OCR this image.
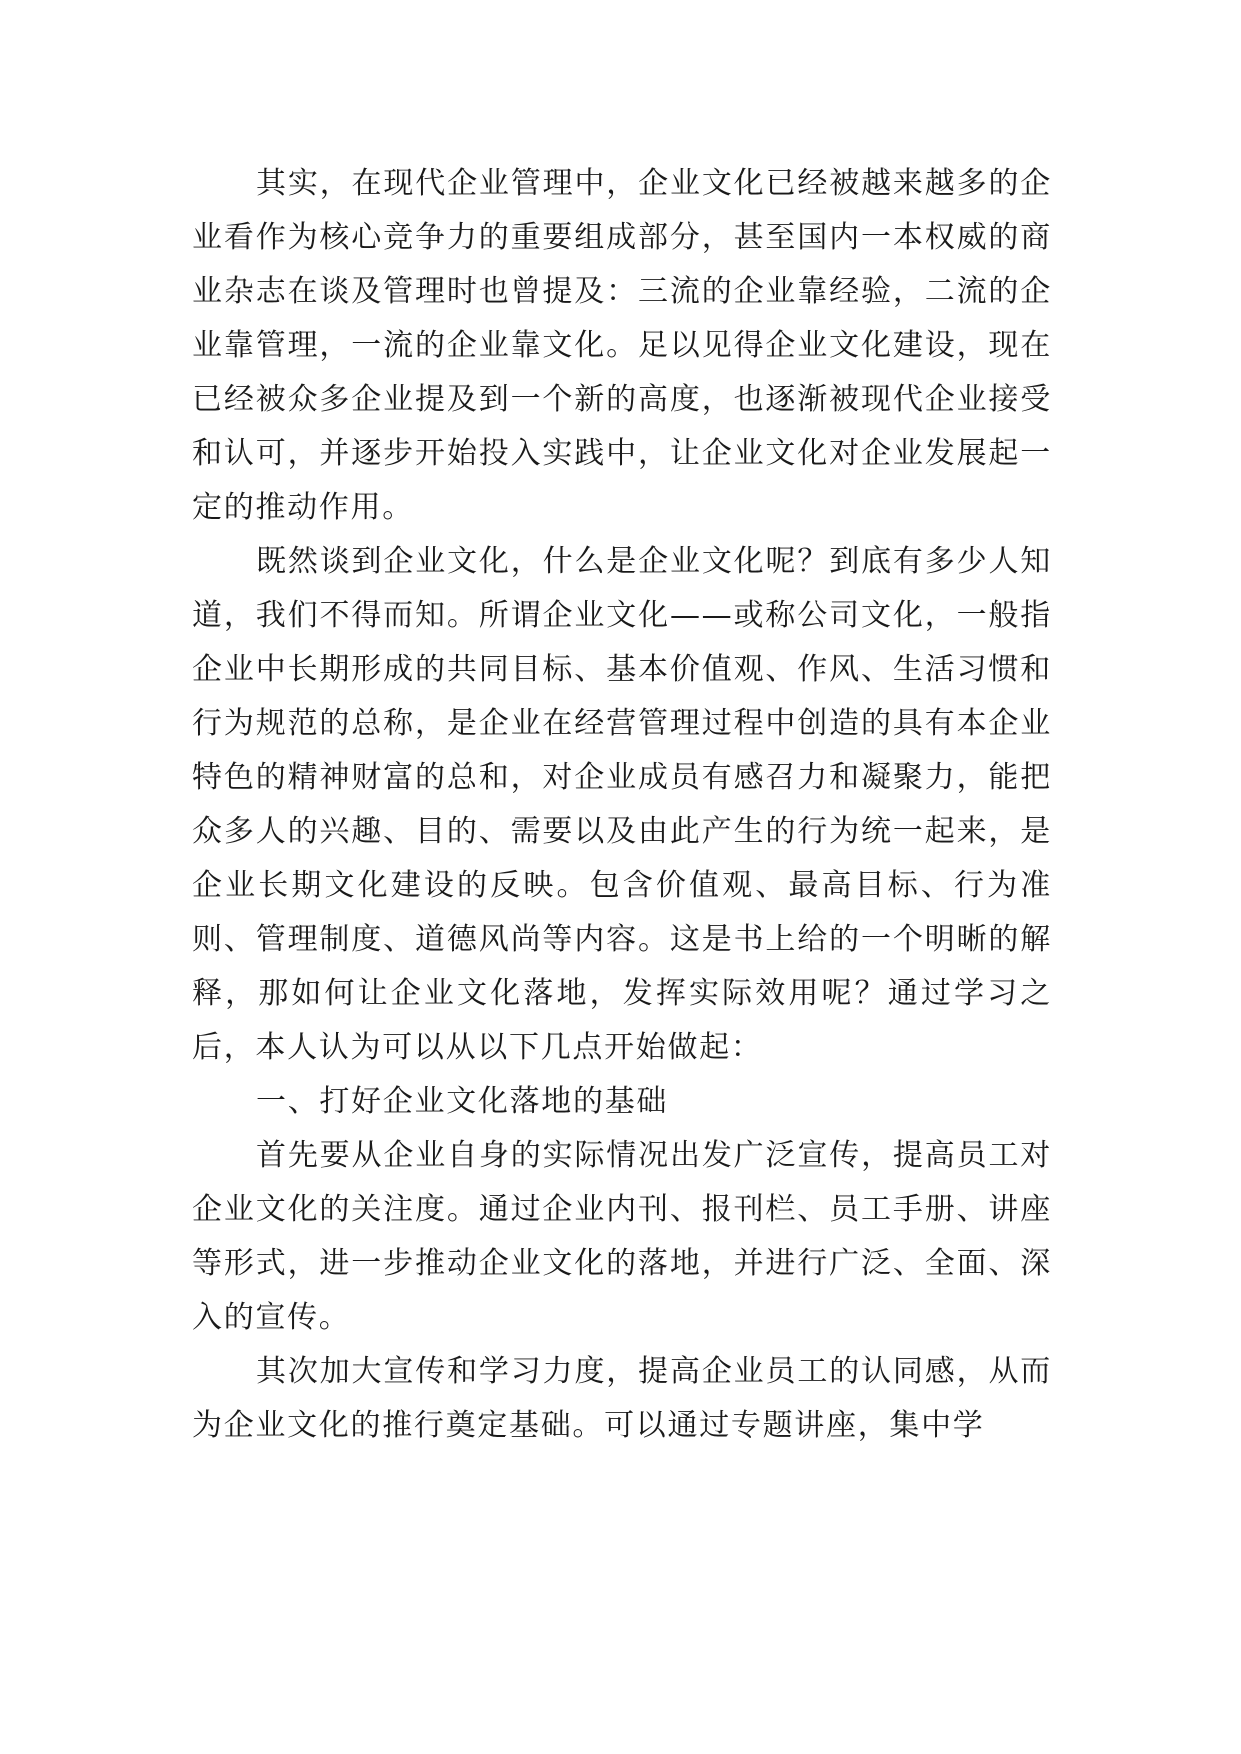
其实，在现代企业管理中，企业文化已经被越来越多的企业看作为核心竞争力的重要组成部分，甚至国内一本权威的商业杂志在谈及管理时也曾提及：三流的企业靠经验，二流的企业靠管理，一流的企业靠文化。足以见得企业文化建设，现在已经被众多企业提及到一个新的高度，也逐渐被现代企业接受和认可，并逐步开始投入实践中，让企业文化对企业发展起一定的推动作用。

既然谈到企业文化，什么是企业文化呢？到底有多少人知道，我们不得而知。所谓企业文化——或称公司文化，一般指企业中长期形成的共同目标、基本价值观、作风、生活习惯和行为规范的总称，是企业在经营管理过程中创造的具有本企业特色的精神财富的总和，对企业成员有感召力和凝聚力，能把众多人的兴趣、目的、需要以及由此产生的行为统一起来，是企业长期文化建设的反映。包含价值观、最高目标、行为准则、管理制度、道德风尚等内容。这是书上给的一个明晰的解释，那如何让企业文化落地，发挥实际效用呢？通过学习之后，本人认为可以从以下几点开始做起：

一、打好企业文化落地的基础

首先要从企业自身的实际情况出发广泛宣传，提高员工对企业文化的关注度。通过企业内刊、报刊栏、员工手册、讲座等形式，进一步推动企业文化的落地，并进行广泛、全面、深入的宣传。

其次加大宣传和学习力度，提高企业员工的认同感，从而为企业文化的推行奠定基础。可以通过专题讲座，集中学
